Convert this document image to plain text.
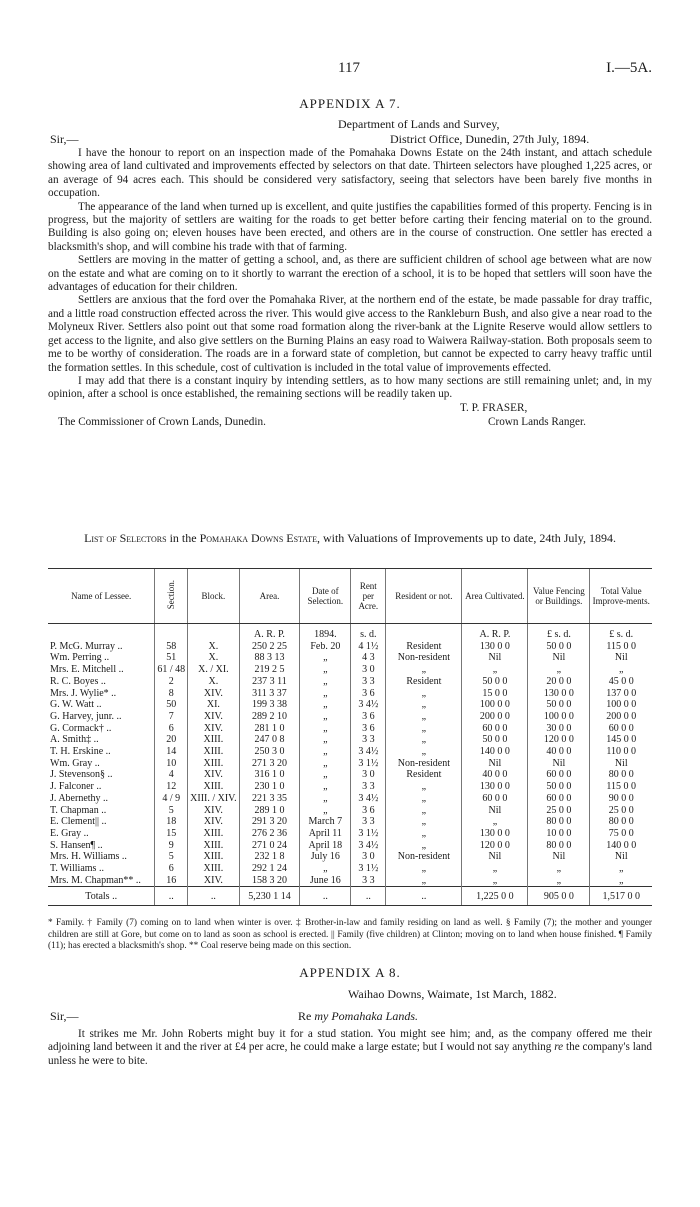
117	I.—5A.
APPENDIX A 7.
Department of Lands and Survey,
Sir,—	District Office, Dunedin, 27th July, 1894.

I have the honour to report on an inspection made of the Pomahaka Downs Estate on the 24th instant, and attach schedule showing area of land cultivated and improvements effected by selectors on that date. Thirteen selectors have ploughed 1,225 acres, or an average of 94 acres each. This should be considered very satisfactory, seeing that selectors have been barely five months in occupation.

The appearance of the land when turned up is excellent, and quite justifies the capabilities formed of this property. Fencing is in progress, but the majority of settlers are waiting for the roads to get better before carting their fencing material on to the ground. Building is also going on; eleven houses have been erected, and others are in the course of construction. One settler has erected a blacksmith's shop, and will combine his trade with that of farming.

Settlers are moving in the matter of getting a school, and, as there are sufficient children of school age between what are now on the estate and what are coming on to it shortly to warrant the erection of a school, it is to be hoped that settlers will soon have the advantages of education for their children.

Settlers are anxious that the ford over the Pomahaka River, at the northern end of the estate, be made passable for dray traffic, and a little road construction effected across the river. This would give access to the Rankleburn Bush, and also give a near road to the Molyneux River. Settlers also point out that some road formation along the river-bank at the Lignite Reserve would allow settlers to get access to the lignite, and also give settlers on the Burning Plains an easy road to Waiwera Railway-station. Both proposals seem to me to be worthy of consideration. The roads are in a forward state of completion, but cannot be expected to carry heavy traffic until the formation settles. In this schedule, cost of cultivation is included in the total value of improvements effected.

I may add that there is a constant inquiry by intending settlers, as to how many sections are still remaining unlet; and, in my opinion, after a school is once established, the remaining sections will be readily taken up.

T. P. FRASER,
The Commissioner of Crown Lands, Dunedin.	Crown Lands Ranger.
List of Selectors in the Pomahaka Downs Estate, with Valuations of Improvements up to date, 24th July, 1894.
Name of Lessee.	Section.	Block.	Area.	Date of Selection.	Rent per Acre.	Resident or not.	Area Cultivated.	Value Fencing or Buildings.	Total Value Improve-ments.
			A. R. P.	1894.	s. d.		A. R. P.	£ s. d.	£ s. d.
P. McG. Murray ..	58	X.	250 2 25	Feb. 20	4 1½	Resident	130 0 0	50 0 0	115 0 0
Wm. Perring ..	51	X.	88 3 13	„	4 3	Non-resident	Nil	Nil	Nil
Mrs. E. Mitchell ..	61 / 48	X. / XI.	219 2 5	„	3 0	„	„	„	„
R. C. Boyes ..	2	X.	237 3 11	„	3 3	Resident	50 0 0	20 0 0	45 0 0
Mrs. J. Wylie* ..	8	XIV.	311 3 37	„	3 6	„	15 0 0	130 0 0	137 0 0
G. W. Watt ..	50	XI.	199 3 38	„	3 4½	„	100 0 0	50 0 0	100 0 0
G. Harvey, junr. ..	7	XIV.	289 2 10	„	3 6	„	200 0 0	100 0 0	200 0 0
G. Cormack† ..	6	XIV.	281 1 0	„	3 6	„	60 0 0	30 0 0	60 0 0
A. Smith‡ ..	20	XIII.	247 0 8	„	3 3	„	50 0 0	120 0 0	145 0 0
T. H. Erskine ..	14	XIII.	250 3 0	„	3 4½	„	140 0 0	40 0 0	110 0 0
Wm. Gray ..	10	XIII.	271 3 20	„	3 1½	Non-resident	Nil	Nil	Nil
J. Stevenson§ ..	4	XIV.	316 1 0	„	3 0	Resident	40 0 0	60 0 0	80 0 0
J. Falconer ..	12	XIII.	230 1 0	„	3 3	„	130 0 0	50 0 0	115 0 0
J. Abernethy ..	4 / 9	XIII. / XIV.	221 3 35	„	3 4½	„	60 0 0	60 0 0	90 0 0
T. Chapman ..	5	XIV.	289 1 0	„	3 6	„	Nil	25 0 0	25 0 0
E. Clement|| ..	18	XIV.	291 3 20	March 7	3 3	„	„	80 0 0	80 0 0
E. Gray ..	15	XIII.	276 2 36	April 11	3 1½	„	130 0 0	10 0 0	75 0 0
S. Hansen¶ ..	9	XIII.	271 0 24	April 18	3 4½	„	120 0 0	80 0 0	140 0 0
Mrs. H. Williams ..	5	XIII.	232 1 8	July 16	3 0	Non-resident	Nil	Nil	Nil
T. Williams ..	6	XIII.	292 1 24	„	3 1½	„	„	„	„
Mrs. M. Chapman** ..	16	XIV.	158 3 20	June 16	3 3	„	„	„	„
Totals ..	..	..	5,230 1 14	..	..	..	1,225 0 0	905 0 0	1,517 0 0
* Family. † Family (7) coming on to land when winter is over. ‡ Brother-in-law and family residing on land as well. § Family (7); the mother and younger children are still at Gore, but come on to land as soon as school is erected. || Family (five children) at Clinton; moving on to land when house finished. ¶ Family (11); has erected a blacksmith's shop. ** Coal reserve being made on this section.
APPENDIX A 8.
Waihao Downs, Waimate, 1st March, 1882.
Sir,—	Re my Pomahaka Lands.
It strikes me Mr. John Roberts might buy it for a stud station. You might see him; and, as the company offered me their adjoining land between it and the river at £4 per acre, he could make a large estate; but I would not say anything re the company's land unless he were to bite.
